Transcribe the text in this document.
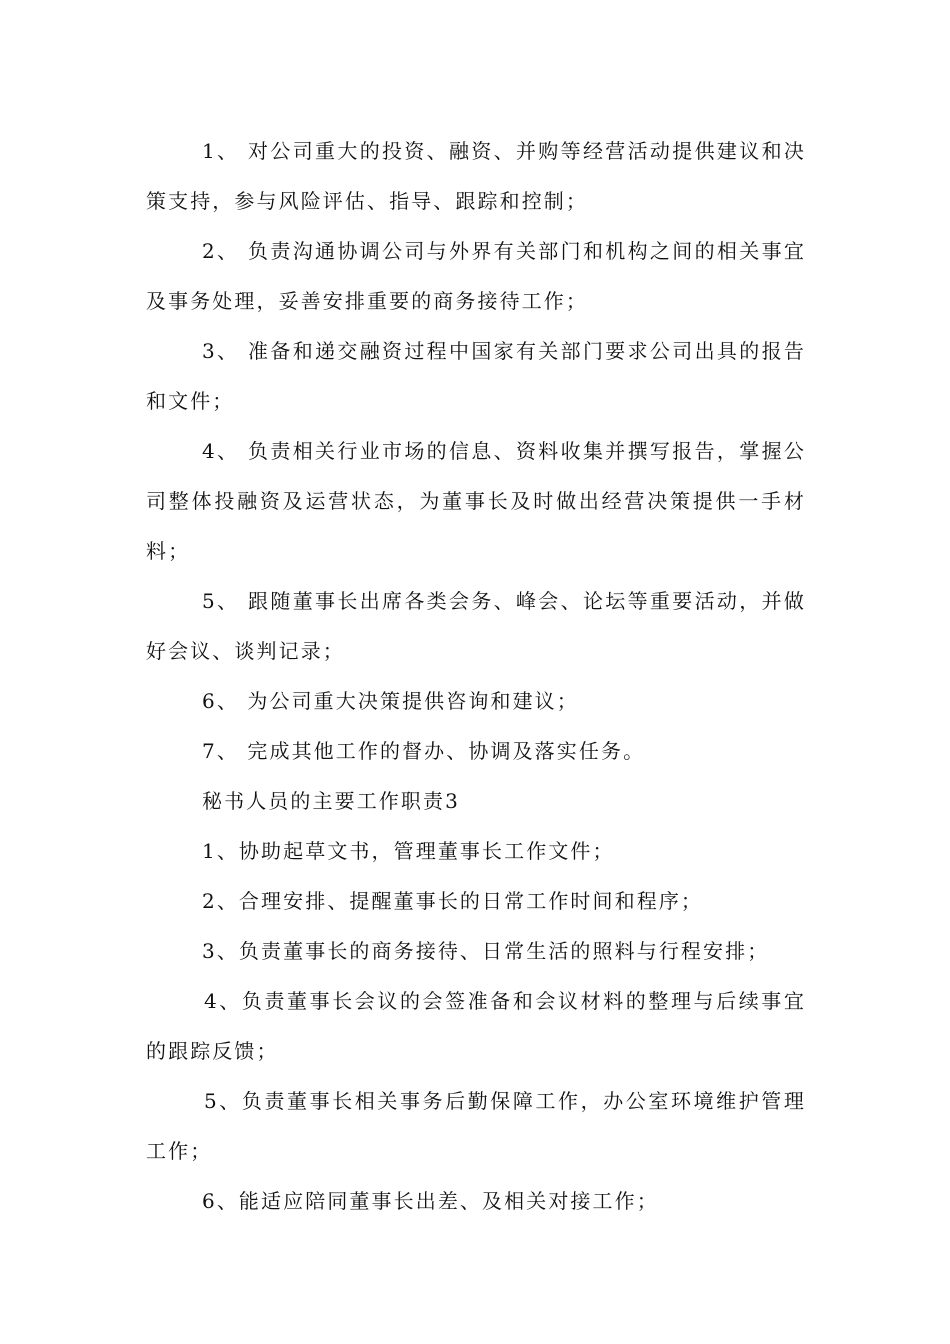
1、 对公司重大的投资、融资、并购等经营活动提供建议和决策支持，参与风险评估、指导、跟踪和控制；

2、 负责沟通协调公司与外界有关部门和机构之间的相关事宜及事务处理，妥善安排重要的商务接待工作；

3、 准备和递交融资过程中国家有关部门要求公司出具的报告和文件；

4、 负责相关行业市场的信息、资料收集并撰写报告，掌握公司整体投融资及运营状态，为董事长及时做出经营决策提供一手材料；

5、 跟随董事长出席各类会务、峰会、论坛等重要活动，并做好会议、谈判记录；

6、 为公司重大决策提供咨询和建议；

7、 完成其他工作的督办、协调及落实任务。

秘书人员的主要工作职责3

1、协助起草文书，管理董事长工作文件；

2、合理安排、提醒董事长的日常工作时间和程序；

3、负责董事长的商务接待、日常生活的照料与行程安排；

4、负责董事长会议的会签准备和会议材料的整理与后续事宜的跟踪反馈；

5、负责董事长相关事务后勤保障工作，办公室环境维护管理工作；

6、能适应陪同董事长出差、及相关对接工作；
